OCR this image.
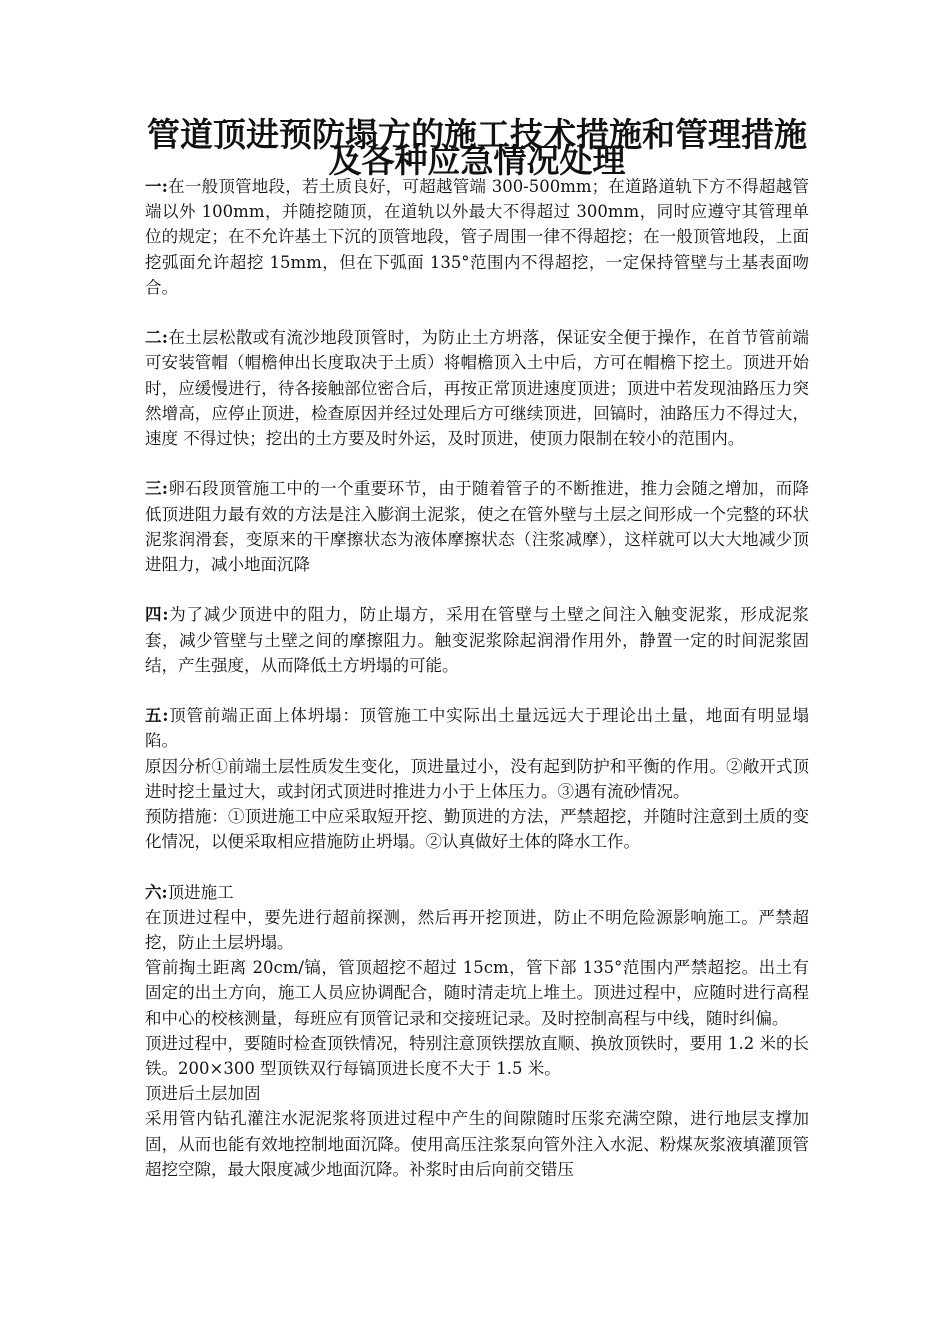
管道顶进预防塌方的施工技术措施和管理措施及各种应急情况处理

一:在一般顶管地段，若土质良好，可超越管端 300-500mm；在道路道轨下方不得超越管端以外 100mm，并随挖随顶，在道轨以外最大不得超过 300mm，同时应遵守其管理单位的规定；在不允许基土下沉的顶管地段，管子周围一律不得超挖；在一般顶管地段，上面挖弧面允许超挖 15mm，但在下弧面 135°范围内不得超挖，一定保持管壁与土基表面吻合。

二:在土层松散或有流沙地段顶管时，为防止土方坍落，保证安全便于操作，在首节管前端可安装管帽（帽檐伸出长度取决于土质）将帽檐顶入土中后，方可在帽檐下挖土。顶进开始时，应缓慢进行，待各接触部位密合后，再按正常顶进速度顶进；顶进中若发现油路压力突然增高，应停止顶进，检查原因并经过处理后方可继续顶进，回镐时，油路压力不得过大，速度 不得过快；挖出的土方要及时外运，及时顶进，使顶力限制在较小的范围内。

三:卵石段顶管施工中的一个重要环节，由于随着管子的不断推进，推力会随之增加，而降低顶进阻力最有效的方法是注入膨润土泥浆，使之在管外壁与土层之间形成一个完整的环状泥浆润滑套，变原来的干摩擦状态为液体摩擦状态（注浆减摩），这样就可以大大地减少顶进阻力，减小地面沉降

四:为了减少顶进中的阻力，防止塌方，采用在管壁与土壁之间注入触变泥浆，形成泥浆套，减少管壁与土壁之间的摩擦阻力。触变泥浆除起润滑作用外，静置一定的时间泥浆固结，产生强度，从而降低土方坍塌的可能。

五:顶管前端正面上体坍塌：顶管施工中实际出土量远远大于理论出土量，地面有明显塌陷。

原因分析①前端土层性质发生变化，顶进量过小，没有起到防护和平衡的作用。②敞开式顶进时挖土量过大，或封闭式顶进时推进力小于上体压力。③遇有流砂情况。

预防措施：①顶进施工中应采取短开挖、勤顶进的方法，严禁超挖，并随时注意到土质的变化情况，以便采取相应措施防止坍塌。②认真做好土体的降水工作。

六:顶进施工

在顶进过程中，要先进行超前探测，然后再开挖顶进，防止不明危险源影响施工。严禁超挖，防止土层坍塌。

管前掏土距离 20cm/镐，管顶超挖不超过 15cm，管下部 135°范围内严禁超挖。出土有固定的出土方向，施工人员应协调配合，随时清走坑上堆土。顶进过程中，应随时进行高程和中心的校核测量，每班应有顶管记录和交接班记录。及时控制高程与中线，随时纠偏。

顶进过程中，要随时检查顶铁情况，特别注意顶铁摆放直顺、换放顶铁时，要用 1.2 米的长铁。200×300 型顶铁双行每镐顶进长度不大于 1.5 米。

顶进后土层加固

采用管内钻孔灌注水泥泥浆将顶进过程中产生的间隙随时压浆充满空隙，进行地层支撑加固，从而也能有效地控制地面沉降。使用高压注浆泵向管外注入水泥、粉煤灰浆液填灌顶管超挖空隙，最大限度减少地面沉降。补浆时由后向前交错压
